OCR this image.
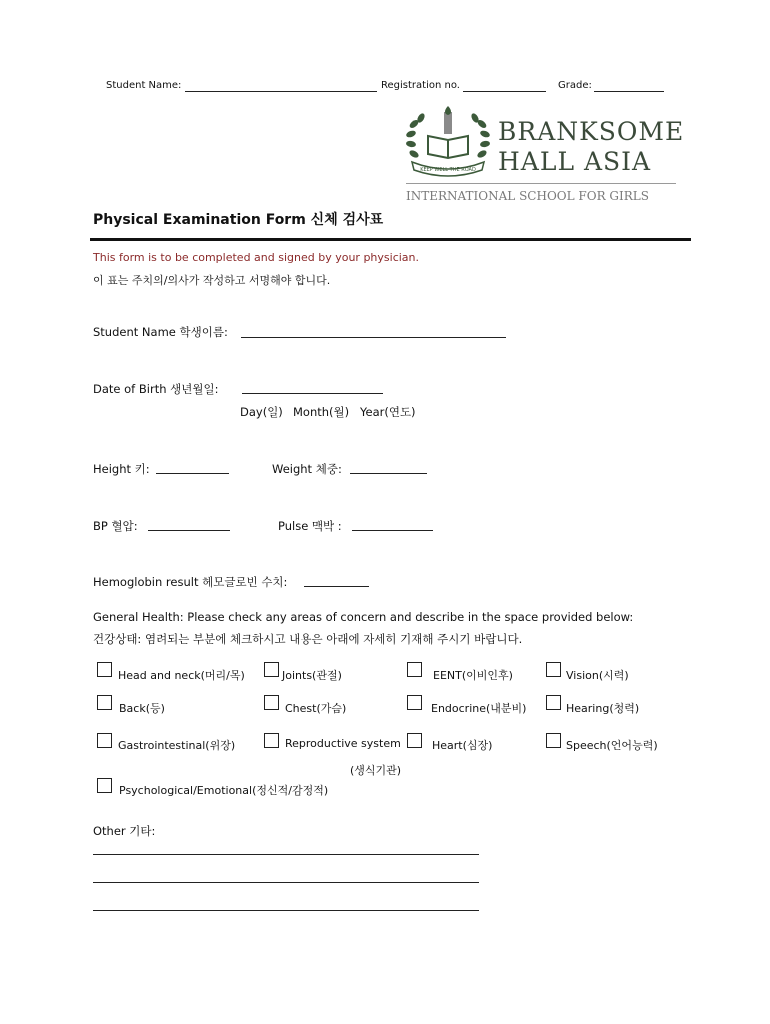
Student Name:	Registration no.	Grade:
KEEP WELL THE ROAD
BRANKSOME
HALL ASIA
INTERNATIONAL SCHOOL FOR GIRLS
Physical Examination Form 신체 검사표
This form is to be completed and signed by your physician.
이 표는 주치의/의사가 작성하고 서명해야 합니다.
Student Name 학생이름:
Date of Birth 생년월일:
Day(일) Month(월) Year(연도)
Height 키:	Weight 체중:
BP 혈압:	Pulse 맥박 :
Hemoglobin result 헤모글로빈 수치:
General Health: Please check any areas of concern and describe in the space provided below:
건강상태: 염려되는 부분에 체크하시고 내용은 아래에 자세히 기재해 주시기 바랍니다.
Head and neck(머리/목)	Joints(관절)	EENT(이비인후)	Vision(시력)
Back(등)	Chest(가슴)	Endocrine(내분비)	Hearing(청력)
Gastrointestinal(위장)	Reproductive system	Heart(심장)	Speech(언어능력)
(생식기관)
Psychological/Emotional(정신적/감정적)
Other 기타:
